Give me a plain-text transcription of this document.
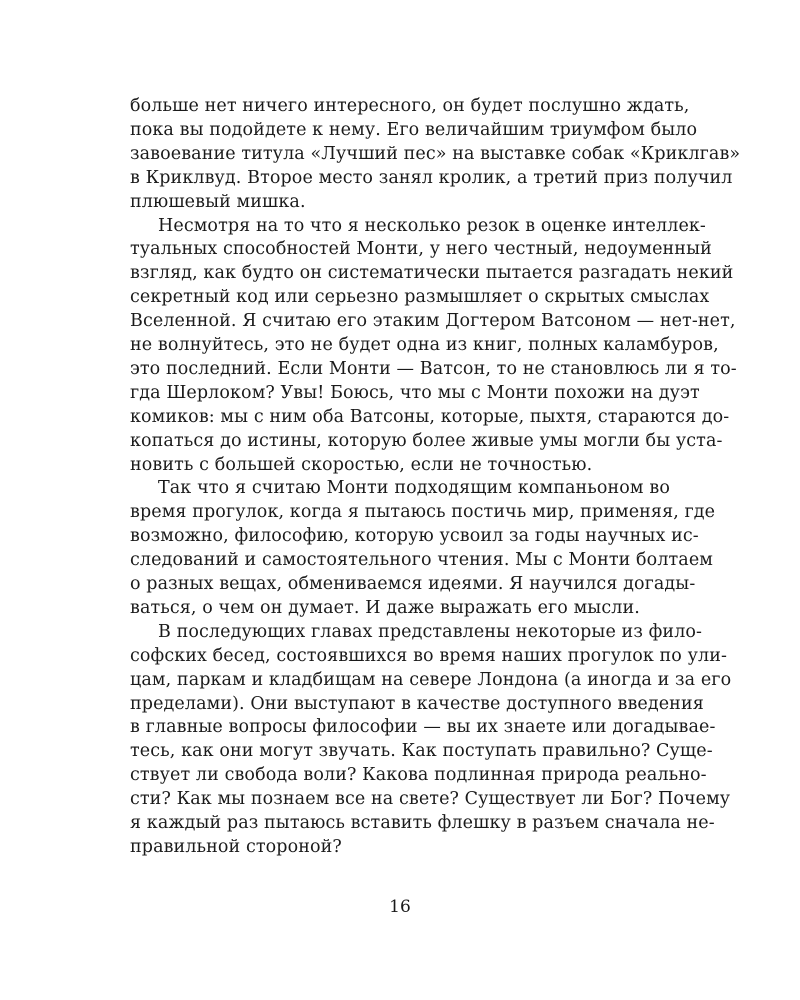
больше нет ничего интересного, он будет послушно ждать,
пока вы подойдете к нему. Его величайшим триумфом было
завоевание титула «Лучший пес» на выставке собак «Криклгав»
в Криклвуд. Второе место занял кролик, а третий приз получил
плюшевый мишка.
Несмотря на то что я несколько резок в оценке интеллек-
туальных способностей Монти, у него честный, недоуменный
взгляд, как будто он систематически пытается разгадать некий
секретный код или серьезно размышляет о скрытых смыслах
Вселенной. Я считаю его этаким Догтером Ватсоном — нет-нет,
не волнуйтесь, это не будет одна из книг, полных каламбуров,
это последний. Если Монти — Ватсон, то не становлюсь ли я то-
гда Шерлоком? Увы! Боюсь, что мы с Монти похожи на дуэт
комиков: мы с ним оба Ватсоны, которые, пыхтя, стараются до-
копаться до истины, которую более живые умы могли бы уста-
новить с большей скоростью, если не точностью.
Так что я считаю Монти подходящим компаньоном во
время прогулок, когда я пытаюсь постичь мир, применяя, где
возможно, философию, которую усвоил за годы научных ис-
следований и самостоятельного чтения. Мы с Монти болтаем
о разных вещах, обмениваемся идеями. Я научился догады-
ваться, о чем он думает. И даже выражать его мысли.
В последующих главах представлены некоторые из фило-
софских бесед, состоявшихся во время наших прогулок по ули-
цам, паркам и кладбищам на севере Лондона (а иногда и за его
пределами). Они выступают в качестве доступного введения
в главные вопросы философии — вы их знаете или догадывае-
тесь, как они могут звучать. Как поступать правильно? Суще-
ствует ли свобода воли? Какова подлинная природа реально-
сти? Как мы познаем все на свете? Существует ли Бог? Почему
я каждый раз пытаюсь вставить флешку в разъем сначала не-
правильной стороной?
16
